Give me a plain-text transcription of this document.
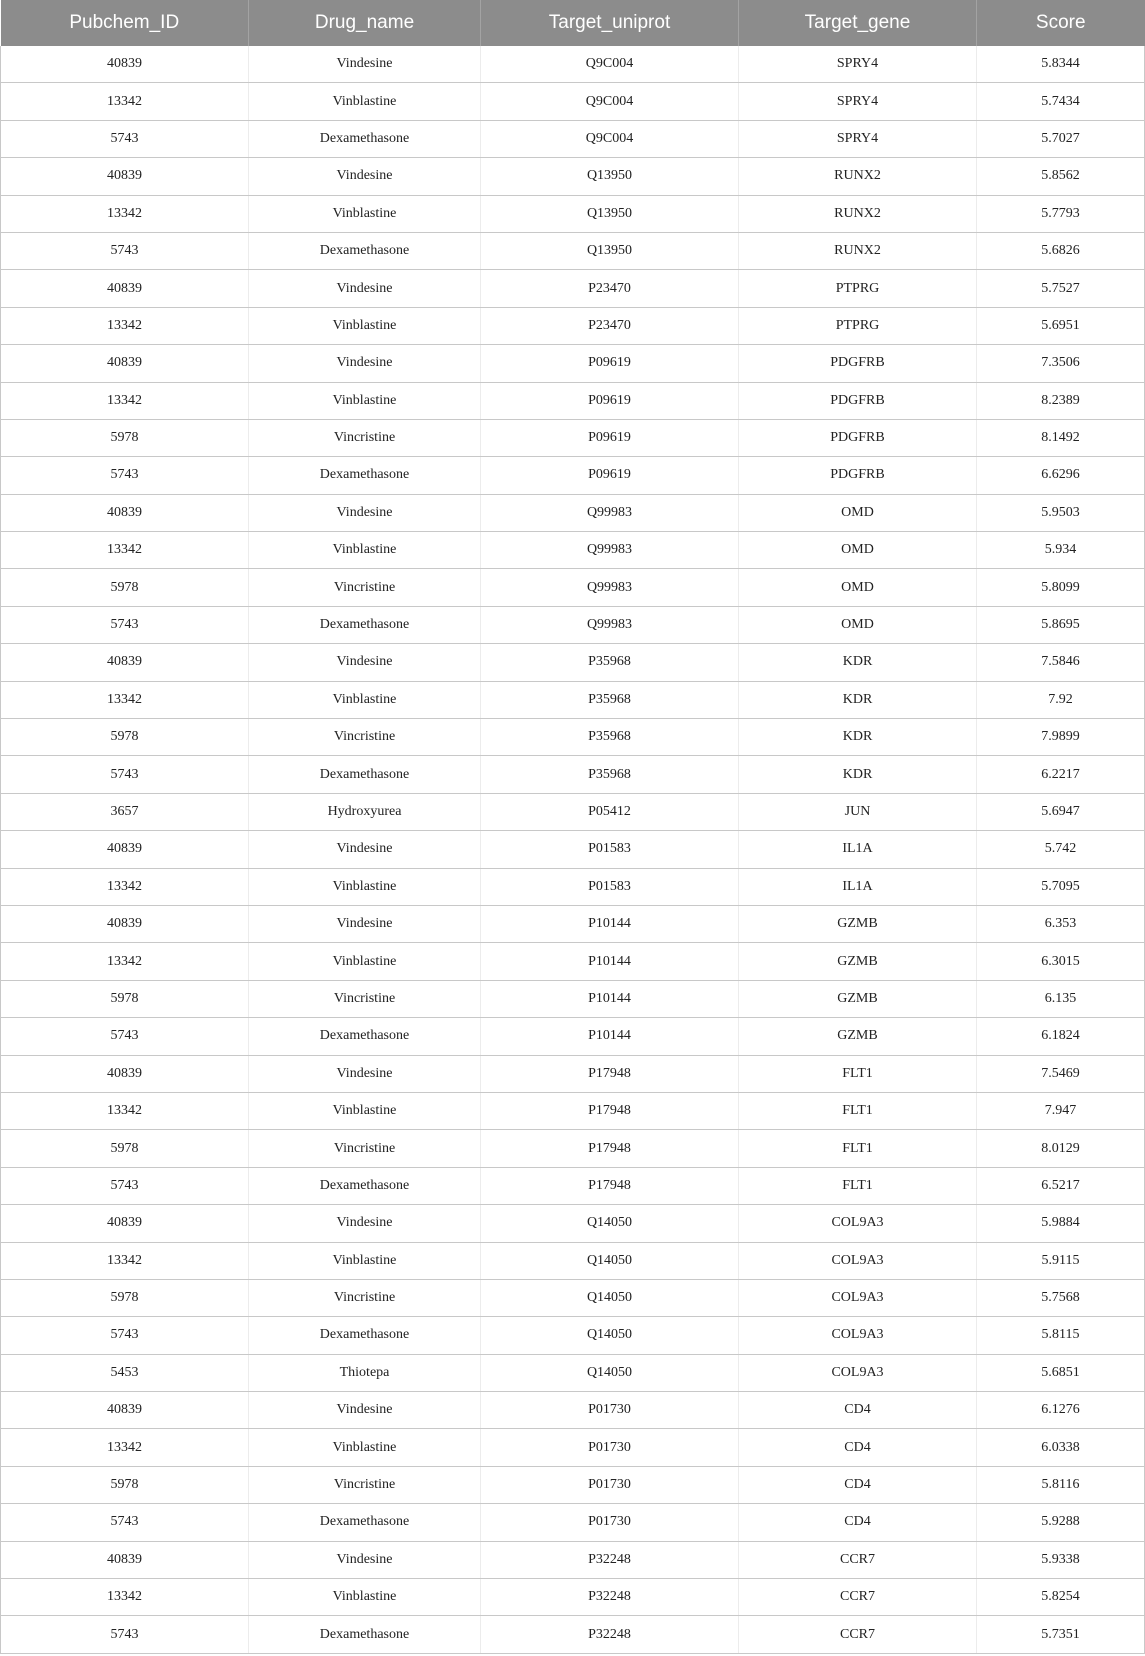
Pubchem_ID	Drug_name	Target_uniprot	Target_gene	Score
40839	Vindesine	Q9C004	SPRY4	5.8344
13342	Vinblastine	Q9C004	SPRY4	5.7434
5743	Dexamethasone	Q9C004	SPRY4	5.7027
40839	Vindesine	Q13950	RUNX2	5.8562
13342	Vinblastine	Q13950	RUNX2	5.7793
5743	Dexamethasone	Q13950	RUNX2	5.6826
40839	Vindesine	P23470	PTPRG	5.7527
13342	Vinblastine	P23470	PTPRG	5.6951
40839	Vindesine	P09619	PDGFRB	7.3506
13342	Vinblastine	P09619	PDGFRB	8.2389
5978	Vincristine	P09619	PDGFRB	8.1492
5743	Dexamethasone	P09619	PDGFRB	6.6296
40839	Vindesine	Q99983	OMD	5.9503
13342	Vinblastine	Q99983	OMD	5.934
5978	Vincristine	Q99983	OMD	5.8099
5743	Dexamethasone	Q99983	OMD	5.8695
40839	Vindesine	P35968	KDR	7.5846
13342	Vinblastine	P35968	KDR	7.92
5978	Vincristine	P35968	KDR	7.9899
5743	Dexamethasone	P35968	KDR	6.2217
3657	Hydroxyurea	P05412	JUN	5.6947
40839	Vindesine	P01583	IL1A	5.742
13342	Vinblastine	P01583	IL1A	5.7095
40839	Vindesine	P10144	GZMB	6.353
13342	Vinblastine	P10144	GZMB	6.3015
5978	Vincristine	P10144	GZMB	6.135
5743	Dexamethasone	P10144	GZMB	6.1824
40839	Vindesine	P17948	FLT1	7.5469
13342	Vinblastine	P17948	FLT1	7.947
5978	Vincristine	P17948	FLT1	8.0129
5743	Dexamethasone	P17948	FLT1	6.5217
40839	Vindesine	Q14050	COL9A3	5.9884
13342	Vinblastine	Q14050	COL9A3	5.9115
5978	Vincristine	Q14050	COL9A3	5.7568
5743	Dexamethasone	Q14050	COL9A3	5.8115
5453	Thiotepa	Q14050	COL9A3	5.6851
40839	Vindesine	P01730	CD4	6.1276
13342	Vinblastine	P01730	CD4	6.0338
5978	Vincristine	P01730	CD4	5.8116
5743	Dexamethasone	P01730	CD4	5.9288
40839	Vindesine	P32248	CCR7	5.9338
13342	Vinblastine	P32248	CCR7	5.8254
5743	Dexamethasone	P32248	CCR7	5.7351
